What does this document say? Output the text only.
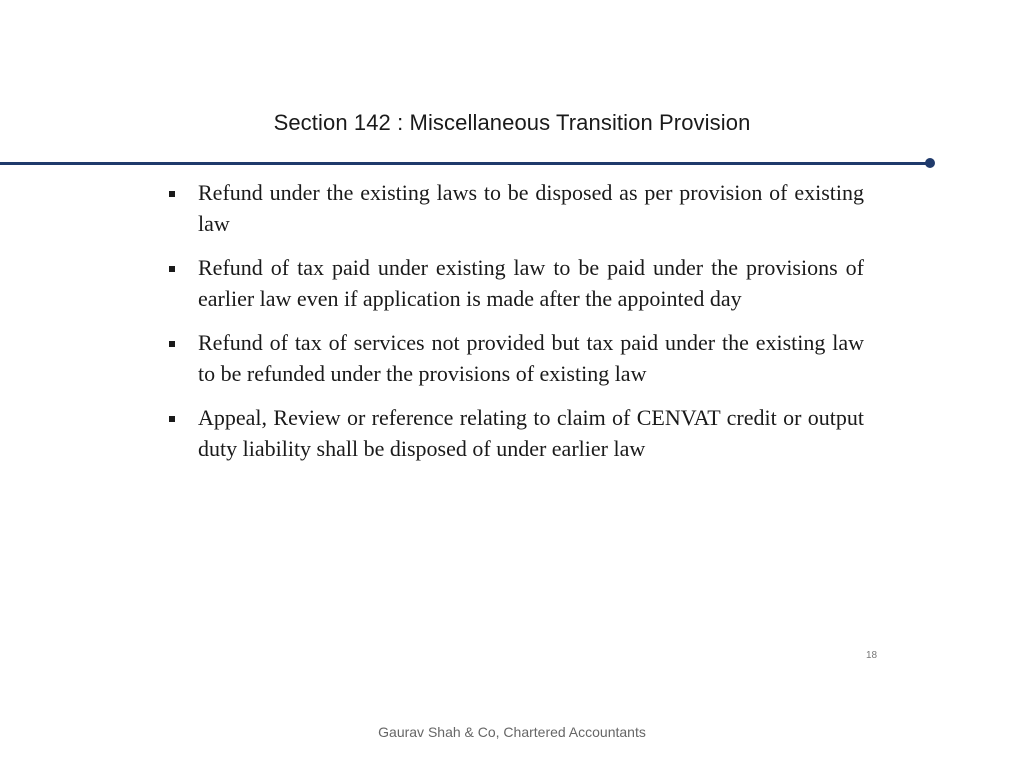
Section 142 : Miscellaneous Transition Provision
Refund under the existing laws to be disposed as per provision of existing law
Refund of tax paid under existing law to be paid under the provisions of earlier law even if application is made after the appointed day
Refund of tax of services not provided but tax paid under the existing law to be refunded under the provisions of existing law
Appeal, Review or reference relating to claim of CENVAT credit or output duty liability shall be disposed of under earlier law
18
Gaurav Shah & Co, Chartered Accountants
